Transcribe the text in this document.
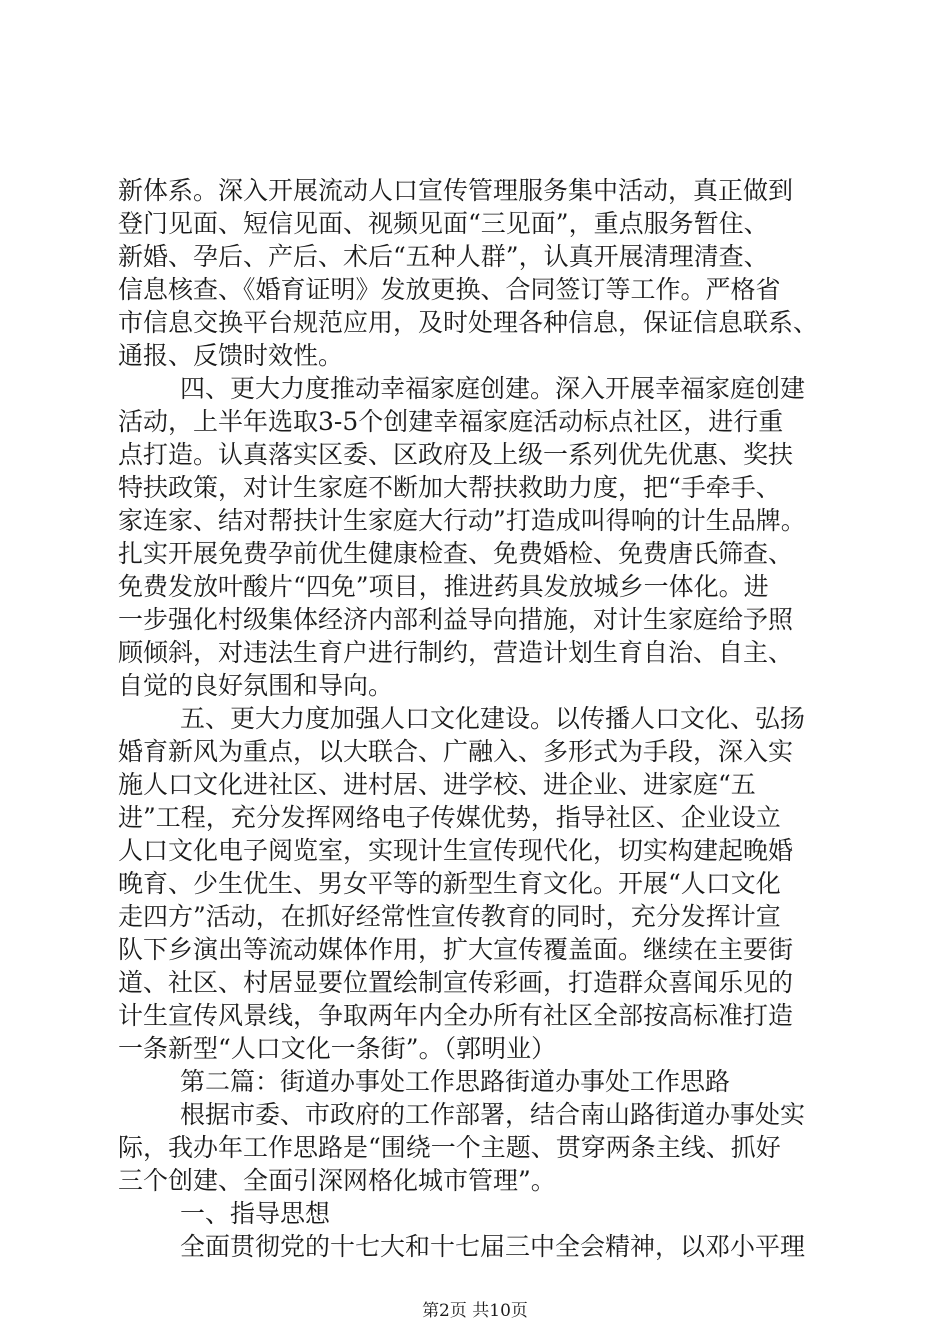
新体系。深入开展流动人口宣传管理服务集中活动，真正做到
登门见面、短信见面、视频见面“三见面”，重点服务暂住、
新婚、孕后、产后、术后“五种人群”，认真开展清理清查、
信息核查、《婚育证明》发放更换、合同签订等工作。严格省
市信息交换平台规范应用，及时处理各种信息，保证信息联系、
通报、反馈时效性。
四、更大力度推动幸福家庭创建。深入开展幸福家庭创建
活动，上半年选取3-5个创建幸福家庭活动标点社区，进行重
点打造。认真落实区委、区政府及上级一系列优先优惠、奖扶
特扶政策，对计生家庭不断加大帮扶救助力度，把“手牵手、
家连家、结对帮扶计生家庭大行动”打造成叫得响的计生品牌。
扎实开展免费孕前优生健康检查、免费婚检、免费唐氏筛查、
免费发放叶酸片“四免”项目，推进药具发放城乡一体化。进
一步强化村级集体经济内部利益导向措施，对计生家庭给予照
顾倾斜，对违法生育户进行制约，营造计划生育自治、自主、
自觉的良好氛围和导向。
五、更大力度加强人口文化建设。以传播人口文化、弘扬
婚育新风为重点，以大联合、广融入、多形式为手段，深入实
施人口文化进社区、进村居、进学校、进企业、进家庭“五
进”工程，充分发挥网络电子传媒优势，指导社区、企业设立
人口文化电子阅览室，实现计生宣传现代化，切实构建起晚婚
晚育、少生优生、男女平等的新型生育文化。开展“人口文化
走四方”活动，在抓好经常性宣传教育的同时，充分发挥计宣
队下乡演出等流动媒体作用，扩大宣传覆盖面。继续在主要街
道、社区、村居显要位置绘制宣传彩画，打造群众喜闻乐见的
计生宣传风景线，争取两年内全办所有社区全部按高标准打造
一条新型“人口文化一条街”。（郭明业）
第二篇：街道办事处工作思路街道办事处工作思路
根据市委、市政府的工作部署，结合南山路街道办事处实
际，我办年工作思路是“围绕一个主题、贯穿两条主线、抓好
三个创建、全面引深网格化城市管理”。
一、指导思想
全面贯彻党的十七大和十七届三中全会精神，以邓小平理
第2页 共10页
